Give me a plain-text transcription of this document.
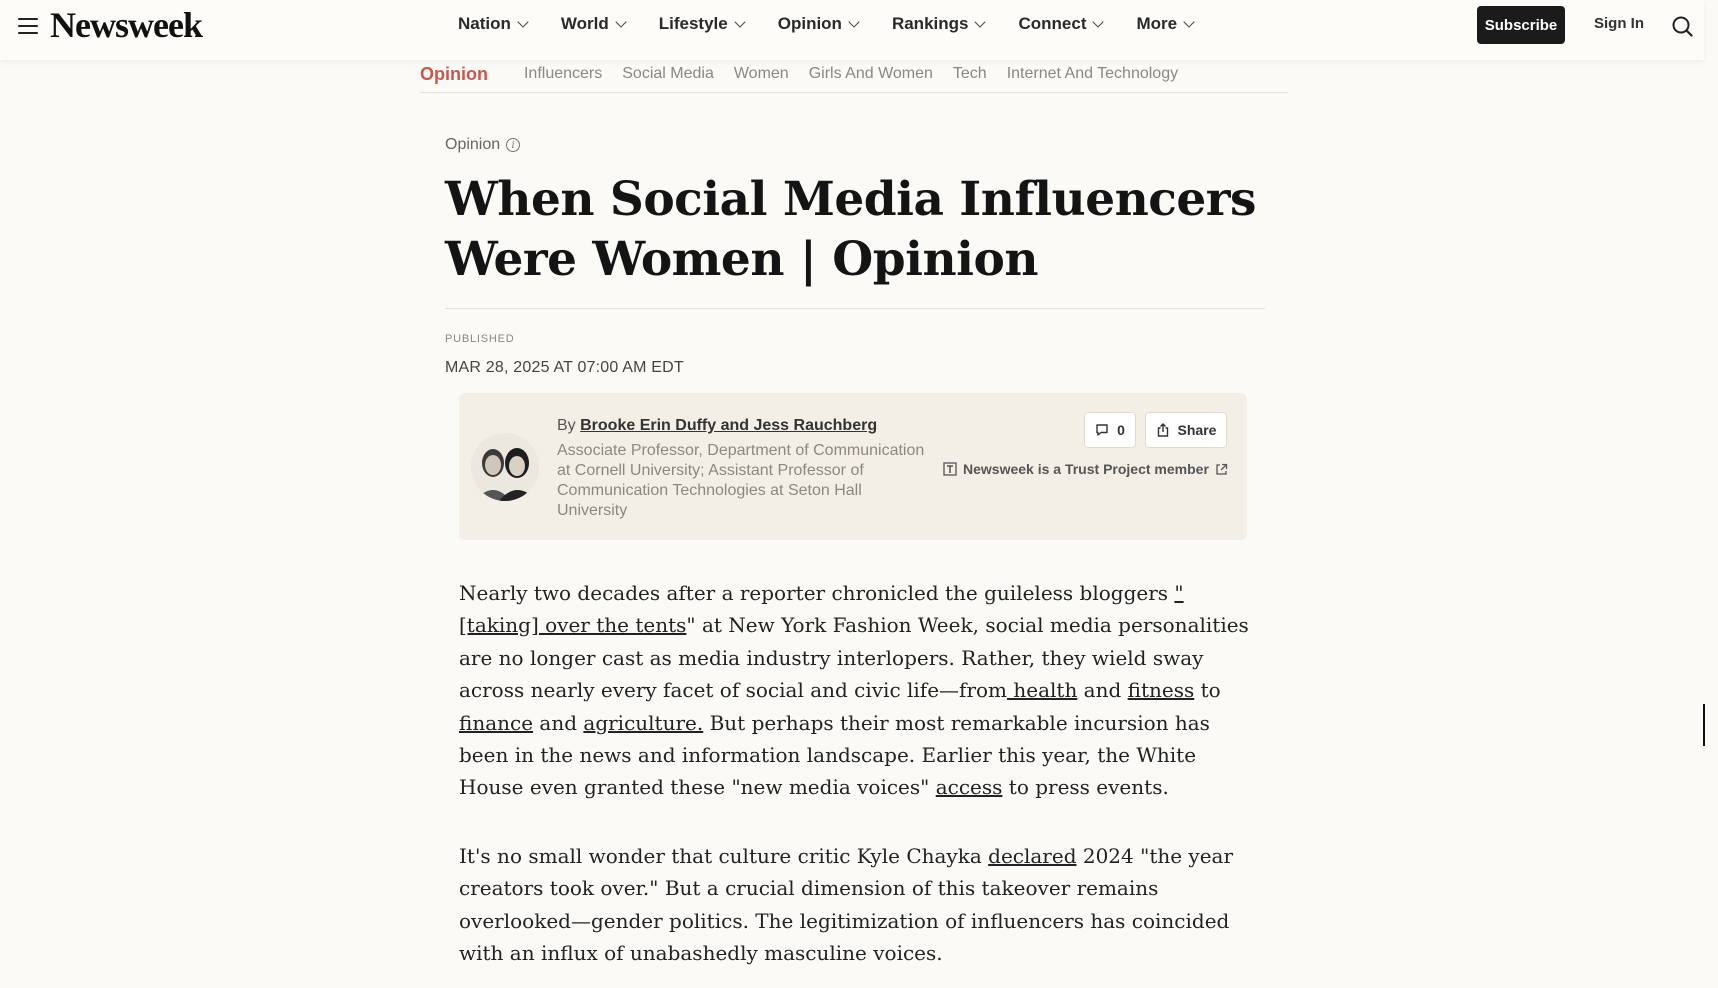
Opinion Influencers Social Media Women Girls And Women Tech Internet And Technology
Newsweek	Nation	World	Lifestyle	Opinion	Rankings	Connect	More	Subscribe	Sign In
Opinion	i
When Social Media Influencers Were Women | Opinion
PUBLISHED
MAR 28, 2025 AT 07:00 AM EDT
By Brooke Erin Duffy and Jess Rauchberg
Associate Professor, Department of Communication at Cornell University; Assistant Professor of Communication Technologies at Seton Hall University
0	Share
Newsweek is a Trust Project member

Nearly two decades after a reporter chronicled the guileless bloggers "[taking] over the tents" at New York Fashion Week, social media personalities are no longer cast as media industry interlopers. Rather, they wield sway across nearly every facet of social and civic life—from health and fitness to finance and agriculture. But perhaps their most remarkable incursion has been in the news and information landscape. Earlier this year, the White House even granted these "new media voices" access to press events.

It's no small wonder that culture critic Kyle Chayka declared 2024 "the year creators took over." But a crucial dimension of this takeover remains overlooked—gender politics. The legitimization of influencers has coincided with an influx of unabashedly masculine voices.
